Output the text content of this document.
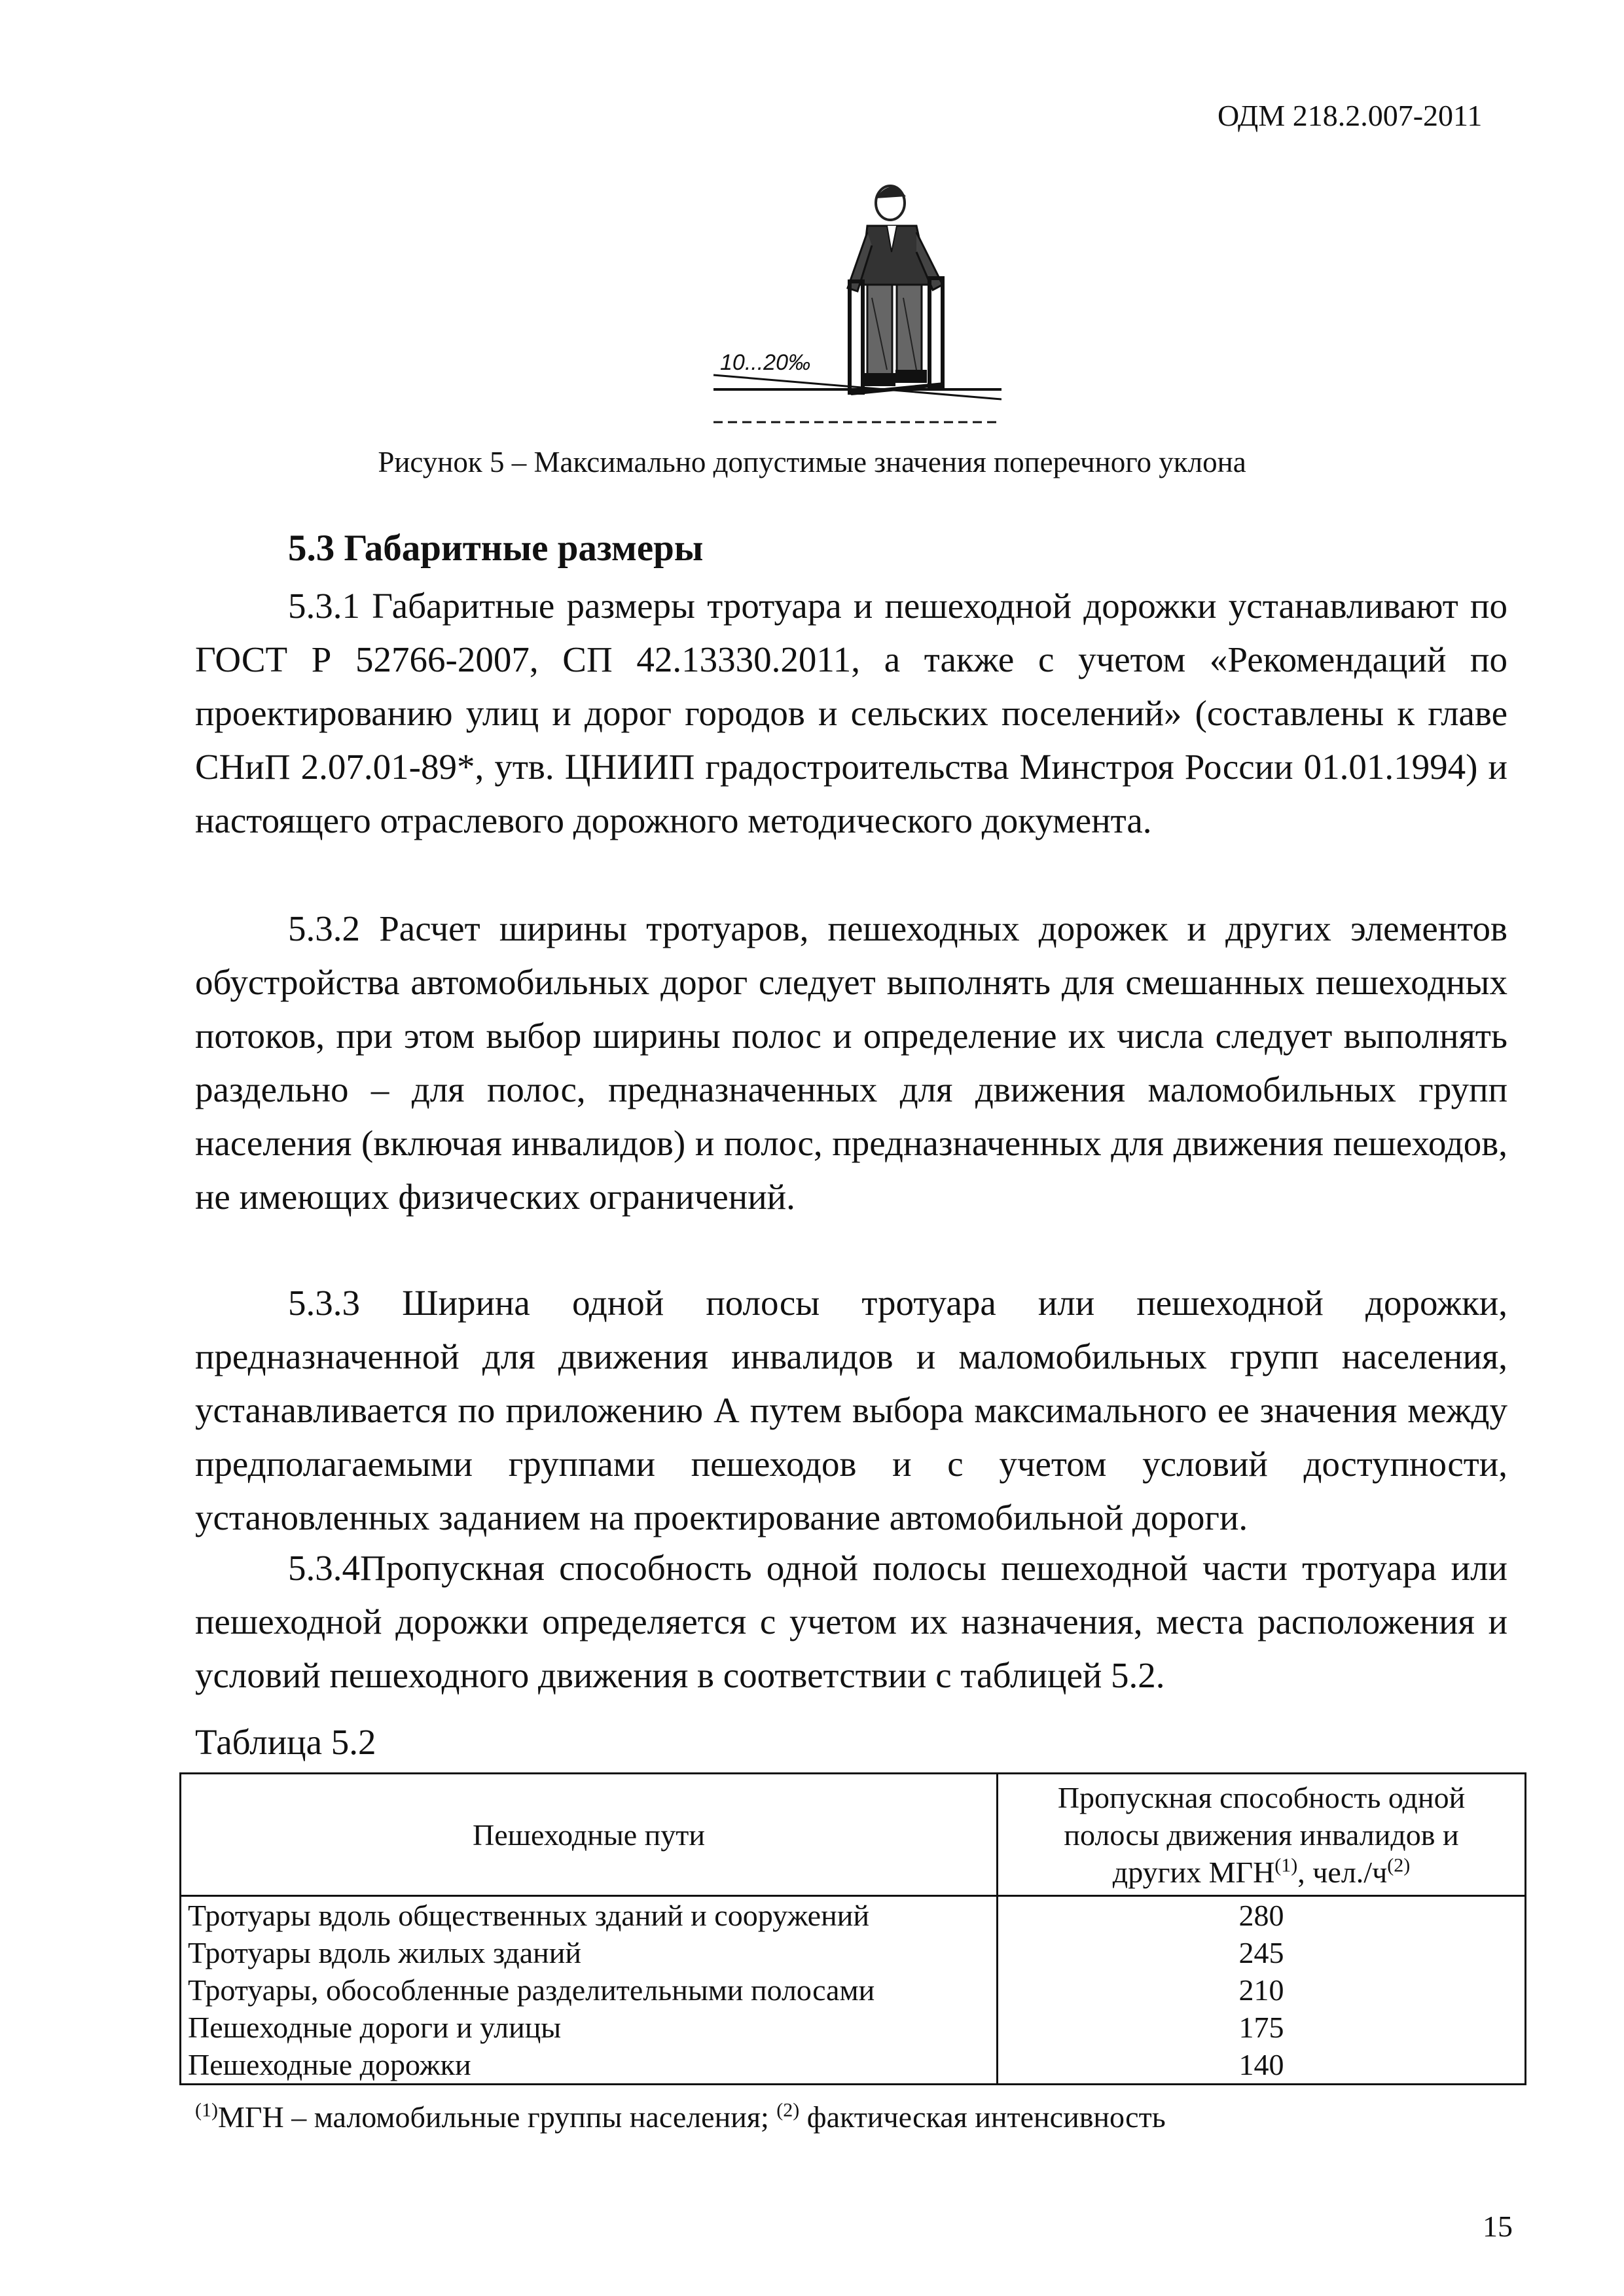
ОДМ 218.2.007-2011
10...20‰
Рисунок 5 – Максимально допустимые значения поперечного уклона
5.3 Габаритные размеры

5.3.1 Габаритные размеры тротуара и пешеходной дорожки устанавливают по ГОСТ Р 52766-2007, СП 42.13330.2011, а также с учетом «Рекомендаций по проектированию улиц и дорог городов и сельских поселений» (составлены к главе СНиП 2.07.01-89*, утв. ЦНИИП градостроительства Минстроя России 01.01.1994) и настоящего отраслевого дорожного методического документа.

5.3.2 Расчет ширины тротуаров, пешеходных дорожек и других элементов обустройства автомобильных дорог следует выполнять для смешанных пешеходных потоков, при этом выбор ширины полос и определение их числа следует выполнять раздельно – для полос, предназначенных для движения маломобильных групп населения (включая инвалидов) и полос, предназначенных для движения пешеходов, не имеющих физических ограничений.

5.3.3 Ширина одной полосы тротуара или пешеходной дорожки, предназначенной для движения инвалидов и маломобильных групп населения, устанавливается по приложению А путем выбора максимального ее значения между предполагаемыми группами пешеходов и с учетом условий доступности, установленных заданием на проектирование автомобильной дороги.

5.3.4Пропускная способность одной полосы пешеходной части тротуара или пешеходной дорожки определяется с учетом их назначения, места расположения и условий пешеходного движения в соответствии с таблицей 5.2.

Таблица 5.2
Пешеходные пути	Пропускная способность одной
полосы движения инвалидов и
других МГН$^{(1)}$, $чел./ч^{(2)}$
Тротуары вдоль общественных зданий и сооружений	280
Тротуары вдоль жилых зданий	245
Тротуары, обособленные разделительными полосами	210
Пешеходные дороги и улицы	175
Пешеходные дорожки	140
$^{(1)}$МГН – маломобильные группы населения; $^{(2)}$ фактическая интенсивность
15
